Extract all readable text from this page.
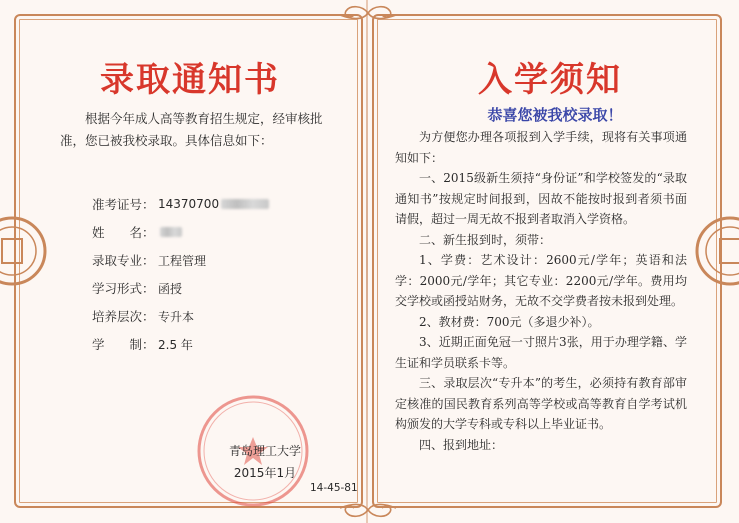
录取通知书
根据今年成人高等教育招生规定，经审核批准，您已被我校录取。具体信息如下：
准考证号： 1437070​0
姓　　名：
录取专业： 工程管理
学习形式： 函授
培养层次： 专升本
学　　制： 2.5 年
青岛理工大学
2015年1月
14-45-81
入学须知
恭喜您被我校录取！

为方便您办理各项报到入学手续，现将有关事项通知如下：

一、2015级新生须持“身份证”和学校签发的“录取通知书”按规定时间报到，因故不能按时报到者须书面请假，超过一周无故不报到者取消入学资格。

二、新生报到时，须带：

1、学费：艺术设计：2600元/学年；英语和法学：2000元/学年；其它专业：2200元/学年。费用均交学校或函授站财务，无故不交学费者按未报到处理。

2、教材费：700元（多退少补）。

3、近期正面免冠一寸照片3张，用于办理学籍、学生证和学员联系卡等。

三、录取层次“专升本”的考生，必须持有教育部审定核准的国民教育系列高等学校或高等教育自学考试机构颁发的大学专科或专科以上毕业证书。

四、报到地址：
